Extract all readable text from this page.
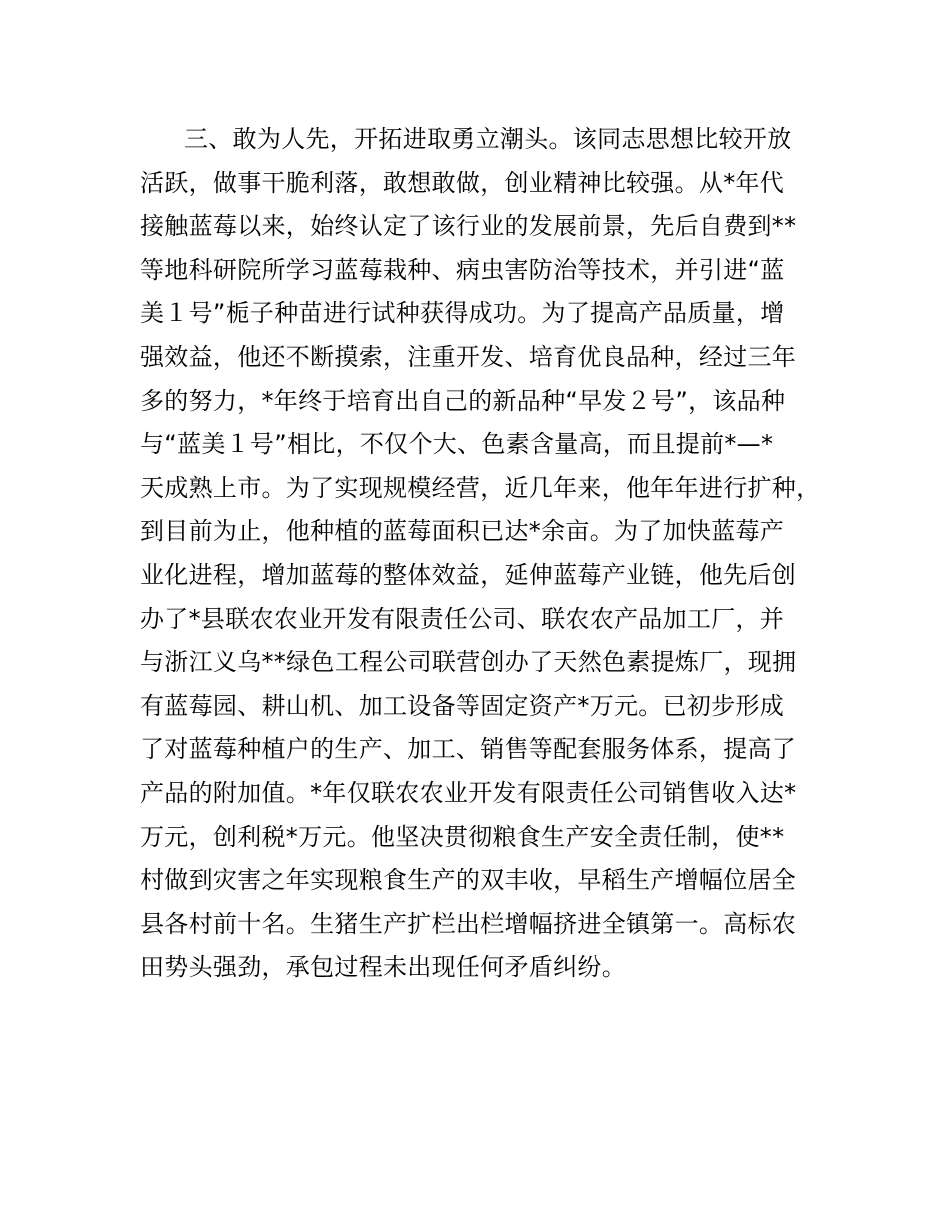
三、敢为人先，开拓进取勇立潮头。该同志思想比较开放
活跃，做事干脆利落，敢想敢做，创业精神比较强。从*年代
接触蓝莓以来，始终认定了该行业的发展前景，先后自费到**
等地科研院所学习蓝莓栽种、病虫害防治等技术，并引进“蓝
美１号”栀子种苗进行试种获得成功。为了提高产品质量，增
强效益，他还不断摸索，注重开发、培育优良品种，经过三年
多的努力，*年终于培育出自己的新品种“早发２号”，该品种
与“蓝美１号”相比，不仅个大、色素含量高，而且提前*—*
天成熟上市。为了实现规模经营，近几年来，他年年进行扩种，
到目前为止，他种植的蓝莓面积已达*余亩。为了加快蓝莓产
业化进程，增加蓝莓的整体效益，延伸蓝莓产业链，他先后创
办了*县联农农业开发有限责任公司、联农农产品加工厂，并
与浙江义乌**绿色工程公司联营创办了天然色素提炼厂，现拥
有蓝莓园、耕山机、加工设备等固定资产*万元。已初步形成
了对蓝莓种植户的生产、加工、销售等配套服务体系，提高了
产品的附加值。*年仅联农农业开发有限责任公司销售收入达*
万元，创利税*万元。他坚决贯彻粮食生产安全责任制，使**
村做到灾害之年实现粮食生产的双丰收，早稻生产增幅位居全
县各村前十名。生猪生产扩栏出栏增幅挤进全镇第一。高标农
田势头强劲，承包过程未出现任何矛盾纠纷。
